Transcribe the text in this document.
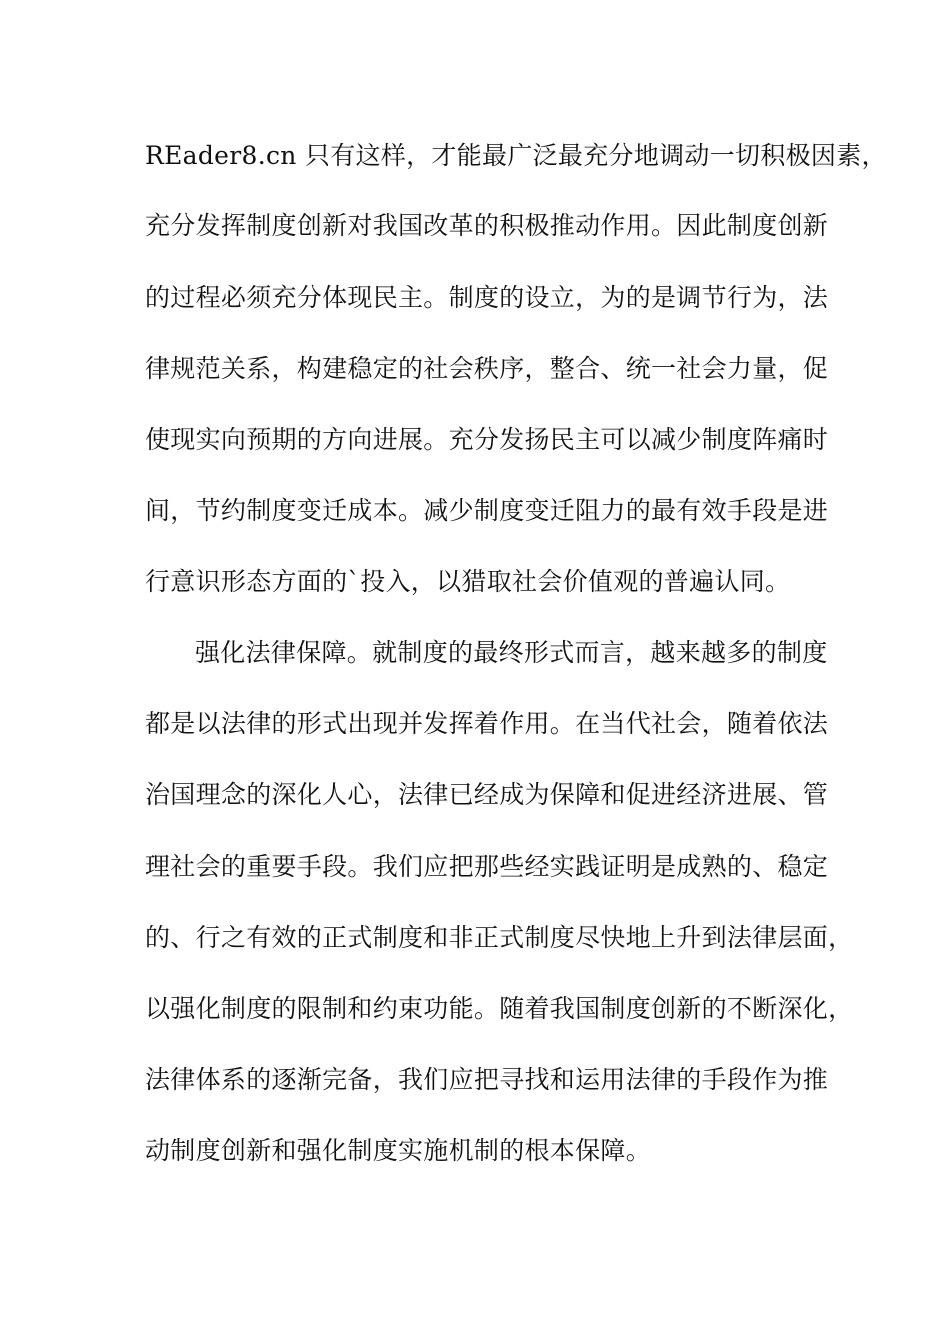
REader8.cn 只有这样，才能最广泛最充分地调动一切积极因素，
充分发挥制度创新对我国改革的积极推动作用。因此制度创新
的过程必须充分体现民主。制度的设立，为的是调节行为，法
律规范关系，构建稳定的社会秩序，整合、统一社会力量，促
使现实向预期的方向进展。充分发扬民主可以减少制度阵痛时
间，节约制度变迁成本。减少制度变迁阻力的最有效手段是进
行意识形态方面的`投入，以猎取社会价值观的普遍认同。
强化法律保障。就制度的最终形式而言，越来越多的制度
都是以法律的形式出现并发挥着作用。在当代社会，随着依法
治国理念的深化人心，法律已经成为保障和促进经济进展、管
理社会的重要手段。我们应把那些经实践证明是成熟的、稳定
的、行之有效的正式制度和非正式制度尽快地上升到法律层面，
以强化制度的限制和约束功能。随着我国制度创新的不断深化，
法律体系的逐渐完备，我们应把寻找和运用法律的手段作为推
动制度创新和强化制度实施机制的根本保障。
